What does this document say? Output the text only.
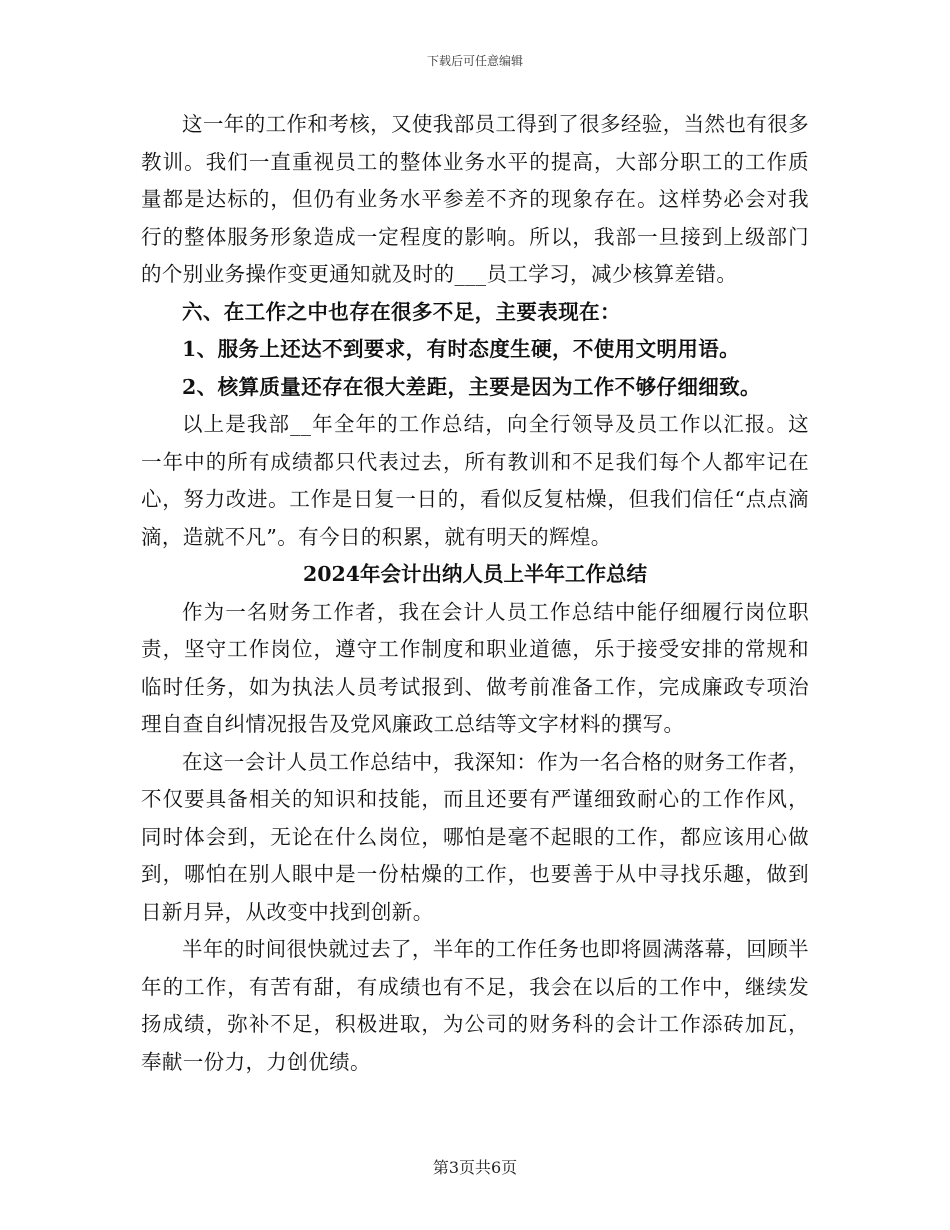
下载后可任意编辑

这一年的工作和考核，又使我部员工得到了很多经验，当然也有很多教训。我们一直重视员工的整体业务水平的提高，大部分职工的工作质量都是达标的，但仍有业务水平参差不齐的现象存在。这样势必会对我行的整体服务形象造成一定程度的影响。所以，我部一旦接到上级部门的个别业务操作变更通知就及时的___员工学习，减少核算差错。

六、在工作之中也存在很多不足，主要表现在：

1、服务上还达不到要求，有时态度生硬，不使用文明用语。

2、核算质量还存在很大差距，主要是因为工作不够仔细细致。

以上是我部__年全年的工作总结，向全行领导及员工作以汇报。这一年中的所有成绩都只代表过去，所有教训和不足我们每个人都牢记在心，努力改进。工作是日复一日的，看似反复枯燥，但我们信任“点点滴滴，造就不凡”。有今日的积累，就有明天的辉煌。

2024年会计出纳人员上半年工作总结

作为一名财务工作者，我在会计人员工作总结中能仔细履行岗位职责，坚守工作岗位，遵守工作制度和职业道德，乐于接受安排的常规和临时任务，如为执法人员考试报到、做考前准备工作，完成廉政专项治理自查自纠情况报告及党风廉政工总结等文字材料的撰写。

在这一会计人员工作总结中，我深知：作为一名合格的财务工作者，不仅要具备相关的知识和技能，而且还要有严谨细致耐心的工作作风，同时体会到，无论在什么岗位，哪怕是毫不起眼的工作，都应该用心做到，哪怕在别人眼中是一份枯燥的工作，也要善于从中寻找乐趣，做到日新月异，从改变中找到创新。

半年的时间很快就过去了，半年的工作任务也即将圆满落幕，回顾半年的工作，有苦有甜，有成绩也有不足，我会在以后的工作中，继续发扬成绩，弥补不足，积极进取，为公司的财务科的会计工作添砖加瓦，奉献一份力，力创优绩。

第3页共6页
